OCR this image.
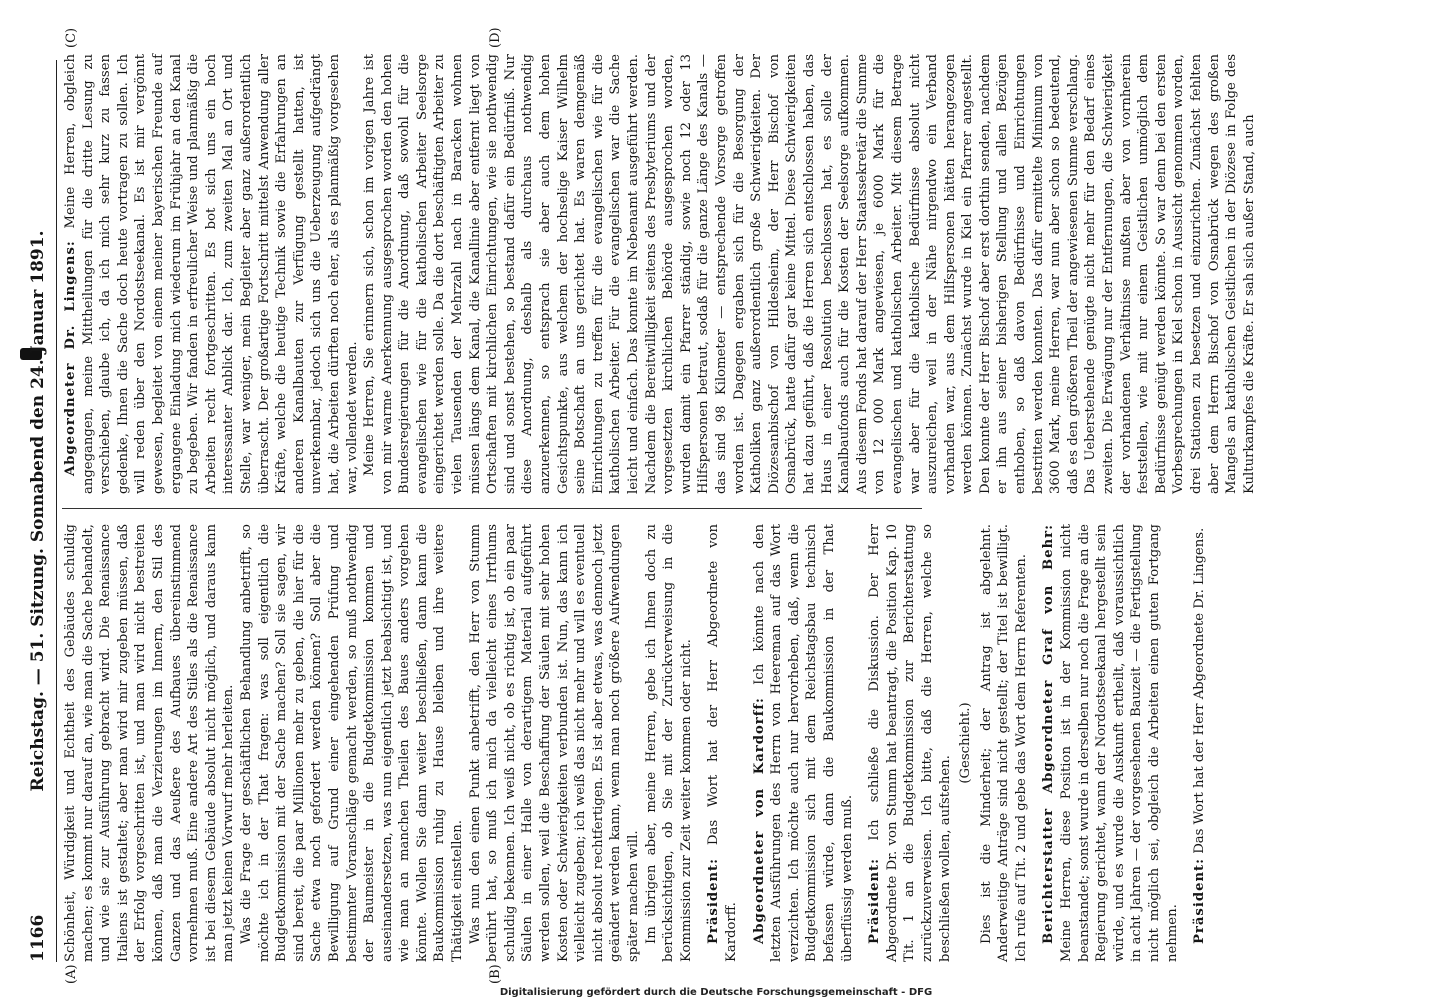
1166
Reichstag. — 51. Sitzung. Sonnabend den 24. Januar 1891.
(A)	(B)
(C)	(D)

Schönheit, Würdigkeit und Echtheit des Gebäudes schuldig machen; es kommt nur darauf an, wie man die Sache behandelt, und wie sie zur Ausführung gebracht wird. Die Renaissance Italiens ist gestaltet; aber man wird mir zugeben müssen, daß der Erfolg vorgeschritten ist, und man wird nicht bestreiten können, daß man die Verzierungen im Innern, den Stil des Ganzen und das Aeußere des Aufbaues übereinstimmend vornehmen muß. Eine andere Art des Stiles als die Renaissance ist bei diesem Gebäude absolut nicht möglich, und daraus kann man jetzt keinen Vorwurf mehr herleiten. Was die Frage der geschäftlichen Behandlung anbetrifft, so möchte ich in der That fragen: was soll eigentlich die Budgetkommission mit der Sache machen? Soll sie sagen, wir sind bereit, die paar Millionen mehr zu geben, die hier für die Sache etwa noch gefordert werden können? Soll aber die Bewilligung auf Grund einer eingehenden Prüfung und bestimmter Voranschläge gemacht werden, so muß nothwendig der Baumeister in die Budgetkommission kommen und auseinandersetzen, was nun eigentlich jetzt beabsichtigt ist, und wie man an manchen Theilen des Baues anders vorgehen könnte. Wollen Sie dann weiter beschließen, dann kann die Baukommission ruhig zu Hause bleiben und ihre weitere Thätigkeit einstellen. Was nun den einen Punkt anbetrifft, den Herr von Stumm berührt hat, so muß ich mich da vielleicht eines Irrthums schuldig bekennen. Ich weiß nicht, ob es richtig ist, ob ein paar Säulen in einer Halle von derartigem Material aufgeführt werden sollen, weil die Beschaffung der Säulen mit sehr hohen Kosten oder Schwierigkeiten verbunden ist. Nun, das kann ich vielleicht zugeben; ich weiß das nicht mehr und will es eventuell nicht absolut rechtfertigen. Es ist aber etwas, was dennoch jetzt geändert werden kann, wenn man noch größere Aufwendungen später machen will. Im übrigen aber, meine Herren, gebe ich Ihnen doch zu berücksichtigen, ob Sie mit der Zurückverweisung in die Kommission zur Zeit weiter kommen oder nicht. Präsident: Das Wort hat der Herr Abgeordnete von Kardorff. Abgeordneter von Kardorff: Ich könnte nach den letzten Ausführungen des Herrn von Heereman auf das Wort verzichten. Ich möchte auch nur hervorheben, daß, wenn die Budgetkommission sich mit dem Reichstagsbau technisch befassen würde, dann die Baukommission in der That überflüssig werden muß. Präsident: Ich schließe die Diskussion. Der Herr Abgeordnete Dr. von Stumm hat beantragt, die Position Kap. 10 Tit. 1 an die Budgetkommission zur Berichterstattung zurückzuverweisen. Ich bitte, daß die Herren, welche so beschließen wollen, aufstehen.

(Geschieht.) Dies ist die Minderheit; der Antrag ist abgelehnt. Anderweitige Anträge sind nicht gestellt; der Titel ist bewilligt. Ich rufe auf Tit. 2 und gebe das Wort dem Herrn Referenten. Berichterstatter Abgeordneter Graf von Behr: Meine Herren, diese Position ist in der Kommission nicht beanstandet; sonst wurde in derselben nur noch die Frage an die Regierung gerichtet, wann der Nordostseekanal hergestellt sein würde, und es wurde die Auskunft ertheilt, daß voraussichtlich in acht Jahren — der vorgesehenen Bauzeit — die Fertigstellung nicht möglich sei, obgleich die Arbeiten einen guten Fortgang nehmen. Präsident: Das Wort hat der Herr Abgeordnete Dr. Lingens.

Abgeordneter Dr. Lingens: Meine Herren, obgleich angegangen, meine Mittheilungen für die dritte Lesung zu verschieben, glaube ich, da ich mich sehr kurz zu fassen gedenke, Ihnen die Sache doch heute vortragen zu sollen. Ich will reden über den Nordostseekanal. Es ist mir vergönnt gewesen, begleitet von einem meiner bayerischen Freunde auf ergangene Einladung mich wiederum im Frühjahr an den Kanal zu begeben. Wir fanden in erfreulicher Weise und planmäßig die Arbeiten recht fortgeschritten. Es bot sich uns ein hoch interessanter Anblick dar. Ich, zum zweiten Mal an Ort und Stelle, war weniger, mein Begleiter aber ganz außerordentlich überrascht. Der großartige Fortschritt mittelst Anwendung aller Kräfte, welche die heutige Technik sowie die Erfahrungen an anderen Kanalbauten zur Verfügung gestellt hatten, ist unverkennbar, jedoch sich uns die Ueberzeugung aufgedrängt hat, die Arbeiten dürften noch eher, als es planmäßig vorgesehen war, vollendet werden. Meine Herren, Sie erinnern sich, schon im vorigen Jahre ist von mir warme Anerkennung ausgesprochen worden den hohen Bundesregierungen für die Anordnung, daß sowohl für die evangelischen wie für die katholischen Arbeiter Seelsorge eingerichtet werden solle. Da die dort beschäftigten Arbeiter zu vielen Tausenden der Mehrzahl nach in Baracken wohnen müssen längs dem Kanal, die Kanallinie aber entfernt liegt von Ortschaften mit kirchlichen Einrichtungen, wie sie nothwendig sind und sonst bestehen, so bestand dafür ein Bedürfniß. Nur diese Anordnung, deshalb als durchaus nothwendig anzuerkennen, so entsprach sie aber auch dem hohen Gesichtspunkte, aus welchem der hochselige Kaiser Wilhelm seine Botschaft an uns gerichtet hat. Es waren demgemäß Einrichtungen zu treffen für die evangelischen wie für die katholischen Arbeiter. Für die evangelischen war die Sache leicht und einfach. Das konnte im Nebenamt ausgeführt werden. Nachdem die Bereitwilligkeit seitens des Presbyteriums und der vorgesetzten kirchlichen Behörde ausgesprochen worden, wurden damit ein Pfarrer ständig, sowie noch 12 oder 13 Hilfspersonen betraut, sodaß für die ganze Länge des Kanals — das sind 98 Kilometer — entsprechende Vorsorge getroffen worden ist. Dagegen ergaben sich für die Besorgung der Katholiken ganz außerordentlich große Schwierigkeiten. Der Diözesanbischof von Hildesheim, der Herr Bischof von Osnabrück, hatte dafür gar keine Mittel. Diese Schwierigkeiten hat dazu geführt, daß die Herren sich entschlossen haben, das Haus in einer Resolution beschlossen hat, es solle der Kanalbaufonds auch für die Kosten der Seelsorge aufkommen. Aus diesem Fonds hat darauf der Herr Staatssekretär die Summe von 12 000 Mark angewiesen, je 6000 Mark für die evangelischen und katholischen Arbeiter. Mit diesem Betrage war aber für die katholische Bedürfnisse absolut nicht auszureichen, weil in der Nähe nirgendwo ein Verband vorhanden war, aus dem Hilfspersonen hätten herangezogen werden können. Zunächst wurde in Kiel ein Pfarrer angestellt. Den konnte der Herr Bischof aber erst dorthin senden, nachdem er ihn aus seiner bisherigen Stellung und allen Bezügen enthoben, so daß davon Bedürfnisse und Einrichtungen bestritten werden konnten. Das dafür ermittelte Minimum von 3600 Mark, meine Herren, war nun aber schon so bedeutend, daß es den größeren Theil der angewiesenen Summe verschlang. Das Ueberstehende genügte nicht mehr für den Bedarf eines zweiten. Die Erwägung nur der Entfernungen, die Schwierigkeit der vorhandenen Verhältnisse mußten aber von vornherein feststellen, wie mit nur einem Geistlichen unmöglich dem Bedürfnisse genügt werden könnte. So war denn bei den ersten Vorbesprechungen in Kiel schon in Aussicht genommen worden, drei Stationen zu besetzen und einzurichten. Zunächst fehlten aber dem Herrn Bischof von Osnabrück wegen des großen Mangels an katholischen Geistlichen in der Diözese in Folge des Kulturkampfes die Kräfte. Er sah sich außer Stand, auch

Digitalisierung gefördert durch die Deutsche Forschungsgemeinschaft - DFG
